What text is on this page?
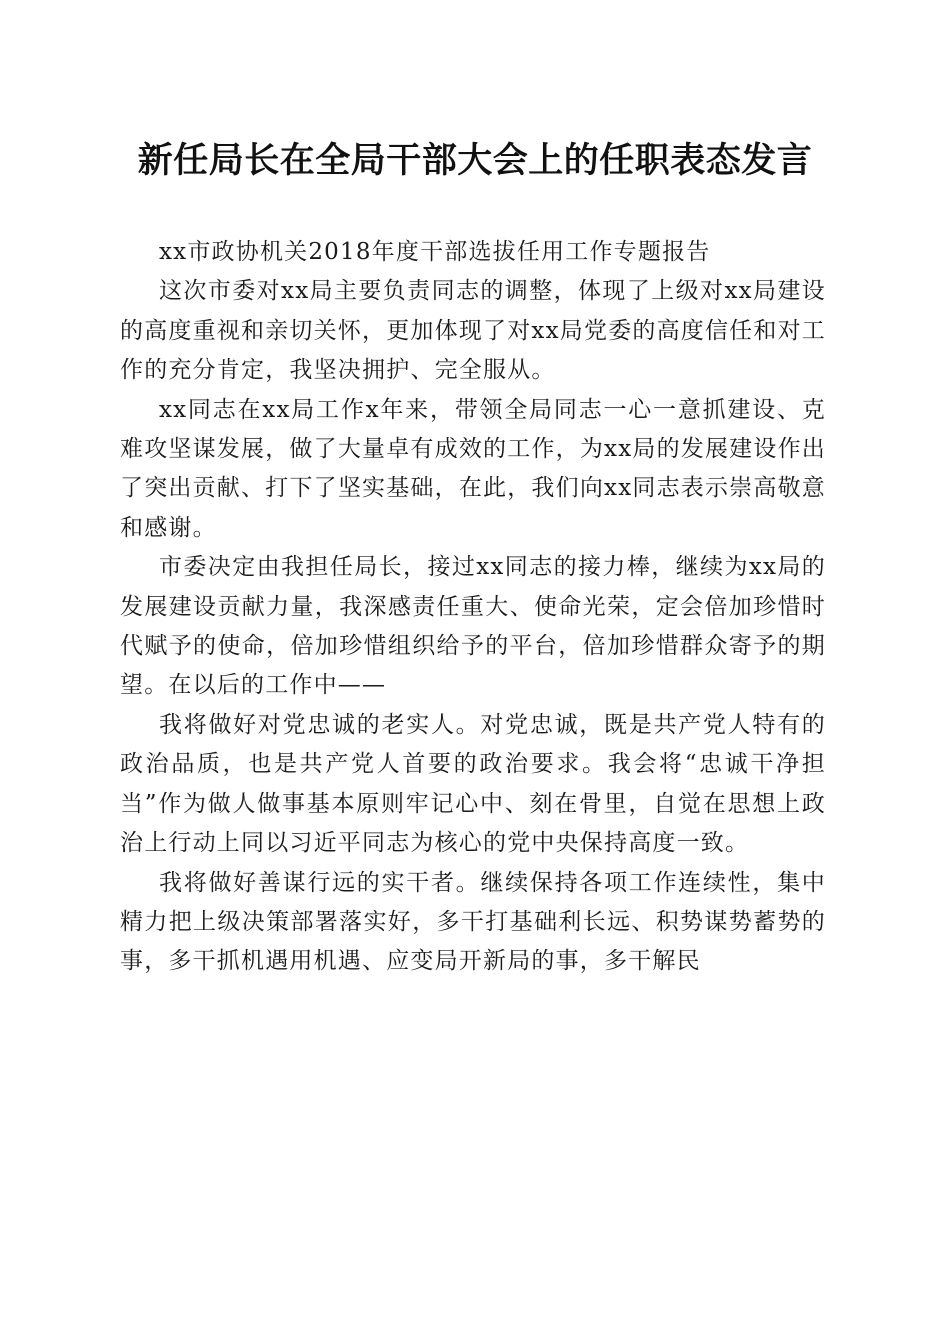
新任局长在全局干部大会上的任职表态发言

xx市政协机关2018年度干部选拔任用工作专题报告

这次市委对xx局主要负责同志的调整，体现了上级对xx局建设的高度重视和亲切关怀，更加体现了对xx局党委的高度信任和对工作的充分肯定，我坚决拥护、完全服从。

xx同志在xx局工作x年来，带领全局同志一心一意抓建设、克难攻坚谋发展，做了大量卓有成效的工作，为xx局的发展建设作出了突出贡献、打下了坚实基础，在此，我们向xx同志表示崇高敬意和感谢。

市委决定由我担任局长，接过xx同志的接力棒，继续为xx局的发展建设贡献力量，我深感责任重大、使命光荣，定会倍加珍惜时代赋予的使命，倍加珍惜组织给予的平台，倍加珍惜群众寄予的期望。在以后的工作中——

我将做好对党忠诚的老实人。对党忠诚，既是共产党人特有的政治品质，也是共产党人首要的政治要求。我会将“忠诚干净担当”作为做人做事基本原则牢记心中、刻在骨里，自觉在思想上政治上行动上同以习近平同志为核心的党中央保持高度一致。

我将做好善谋行远的实干者。继续保持各项工作连续性，集中精力把上级决策部署落实好，多干打基础利长远、积势谋势蓄势的事，多干抓机遇用机遇、应变局开新局的事，多干解民
